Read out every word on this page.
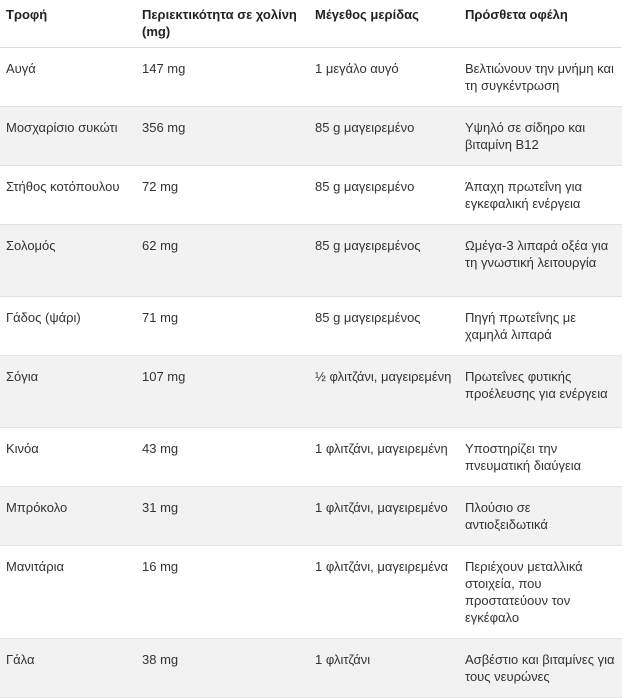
Τροφή	Περιεκτικότητα σε χολίνη (mg)	Μέγεθος μερίδας	Πρόσθετα οφέλη
Αυγά	147 mg	1 μεγάλο αυγό	Βελτιώνουν την μνήμη και τη συγκέντρωση
Μοσχαρίσιο συκώτι	356 mg	85 g μαγειρεμένο	Υψηλό σε σίδηρο και βιταμίνη B12
Στήθος κοτόπουλου	72 mg	85 g μαγειρεμένο	Άπαχη πρωτεΐνη για εγκεφαλική ενέργεια
Σολομός	62 mg	85 g μαγειρεμένος	Ωμέγα-3 λιπαρά οξέα για τη γνωστική λειτουργία
Γάδος (ψάρι)	71 mg	85 g μαγειρεμένος	Πηγή πρωτεΐνης με χαμηλά λιπαρά
Σόγια	107 mg	½ φλιτζάνι, μαγειρεμένη	Πρωτεΐνες φυτικής προέλευσης για ενέργεια
Κινόα	43 mg	1 φλιτζάνι, μαγειρεμένη	Υποστηρίζει την πνευματική διαύγεια
Μπρόκολο	31 mg	1 φλιτζάνι, μαγειρεμένο	Πλούσιο σε αντιοξειδωτικά
Μανιτάρια	16 mg	1 φλιτζάνι, μαγειρεμένα	Περιέχουν μεταλλικά στοιχεία, που προστατεύουν τον εγκέφαλο
Γάλα	38 mg	1 φλιτζάνι	Ασβέστιο και βιταμίνες για τους νευρώνες
